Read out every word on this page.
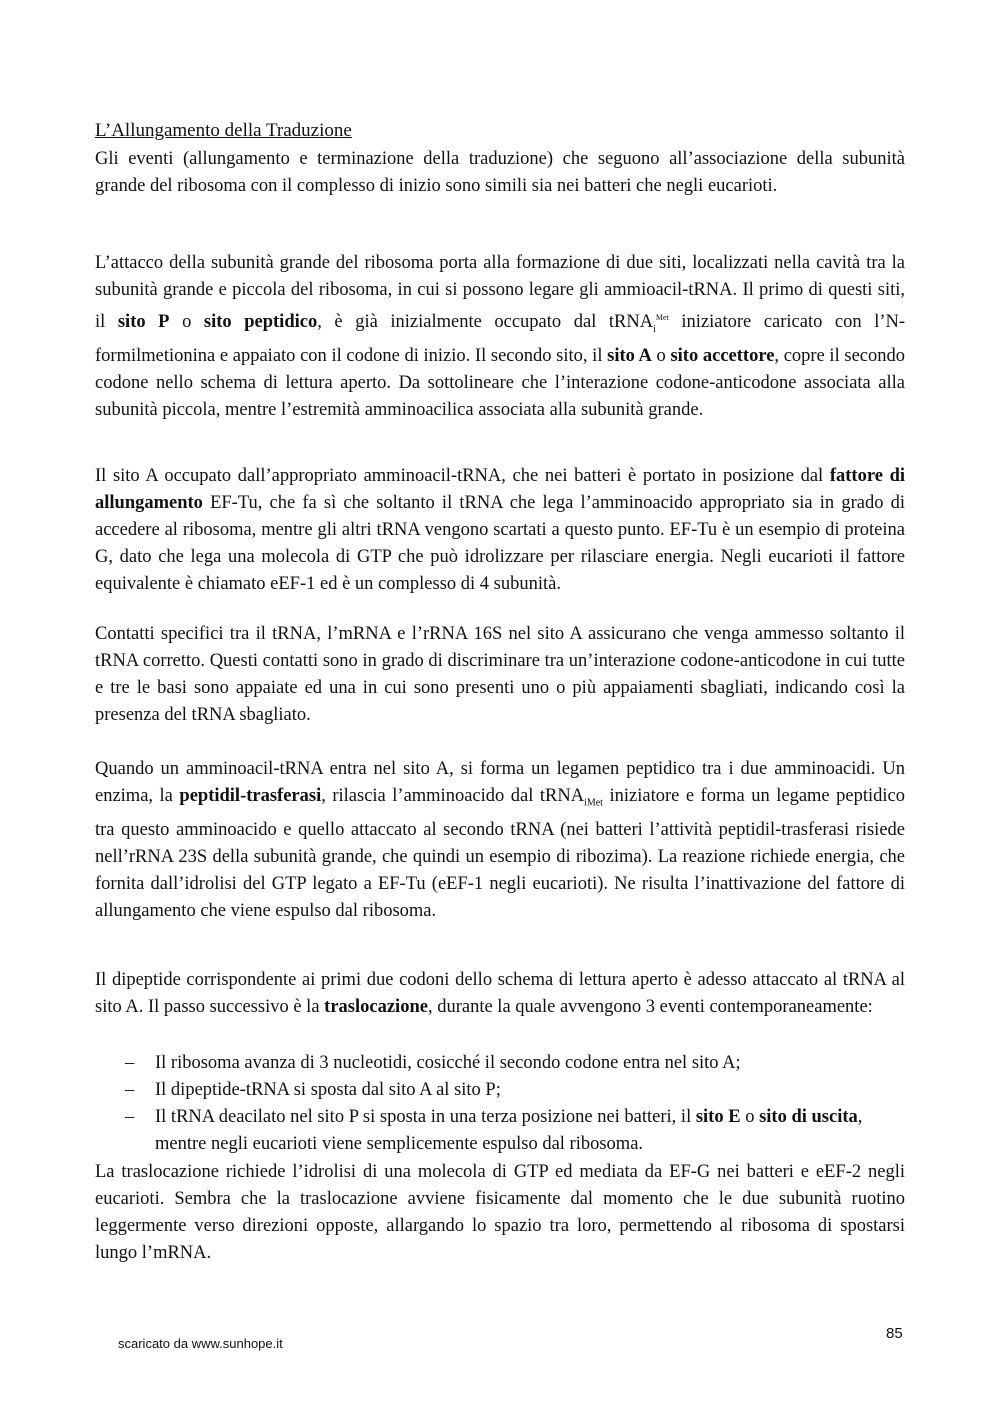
L’Allungamento della Traduzione
Gli eventi (allungamento e terminazione della traduzione) che seguono all’associazione della subunità grande del ribosoma con il complesso di inizio sono simili sia nei batteri che negli eucarioti.
L’attacco della subunità grande del ribosoma porta alla formazione di due siti, localizzati nella cavità tra la subunità grande e piccola del ribosoma, in cui si possono legare gli ammioacil-tRNA. Il primo di questi siti, il sito P o sito peptidico, è già inizialmente occupato dal tRNA$_i^{Met}$ iniziatore caricato con l’N-formilmetionina e appaiato con il codone di inizio. Il secondo sito, il sito A o sito accettore, copre il secondo codone nello schema di lettura aperto. Da sottolineare che l’interazione codone-anticodone associata alla subunità piccola, mentre l’estremità amminoacilica associata alla subunità grande.
Il sito A occupato dall’appropriato amminoacil-tRNA, che nei batteri è portato in posizione dal fattore di allungamento EF-Tu, che fa sì che soltanto il tRNA che lega l’amminoacido appropriato sia in grado di accedere al ribosoma, mentre gli altri tRNA vengono scartati a questo punto. EF-Tu è un esempio di proteina G, dato che lega una molecola di GTP che può idrolizzare per rilasciare energia. Negli eucarioti il fattore equivalente è chiamato eEF-1 ed è un complesso di 4 subunità.
Contatti specifici tra il tRNA, l’mRNA e l’rRNA 16S nel sito A assicurano che venga ammesso soltanto il tRNA corretto. Questi contatti sono in grado di discriminare tra un’interazione codone-anticodone in cui tutte e tre le basi sono appaiate ed una in cui sono presenti uno o più appaiamenti sbagliati, indicando così la presenza del tRNA sbagliato.
Quando un amminoacil-tRNA entra nel sito A, si forma un legamen peptidico tra i due amminoacidi. Un enzima, la peptidil-trasferasi, rilascia l’amminoacido dal tRNA$_{iMet}$ iniziatore e forma un legame peptidico tra questo amminoacido e quello attaccato al secondo tRNA (nei batteri l’attività peptidil-trasferasi risiede nell’rRNA 23S della subunità grande, che quindi un esempio di ribozima). La reazione richiede energia, che fornita dall’idrolisi del GTP legato a EF-Tu (eEF-1 negli eucarioti). Ne risulta l’inattivazione del fattore di allungamento che viene espulso dal ribosoma.
Il dipeptide corrispondente ai primi due codoni dello schema di lettura aperto è adesso attaccato al tRNA al sito A. Il passo successivo è la traslocazione, durante la quale avvengono 3 eventi contemporaneamente:
– Il ribosoma avanza di 3 nucleotidi, cosicché il secondo codone entra nel sito A;
– Il dipeptide-tRNA si sposta dal sito A al sito P;
– Il tRNA deacilato nel sito P si sposta in una terza posizione nei batteri, il sito E o sito di uscita, mentre negli eucarioti viene semplicemente espulso dal ribosoma.
La traslocazione richiede l’idrolisi di una molecola di GTP ed mediata da EF-G nei batteri e eEF-2 negli eucarioti. Sembra che la traslocazione avviene fisicamente dal momento che le due subunità ruotino leggermente verso direzioni opposte, allargando lo spazio tra loro, permettendo al ribosoma di spostarsi lungo l’mRNA.
scaricato da www.sunhope.it
85
